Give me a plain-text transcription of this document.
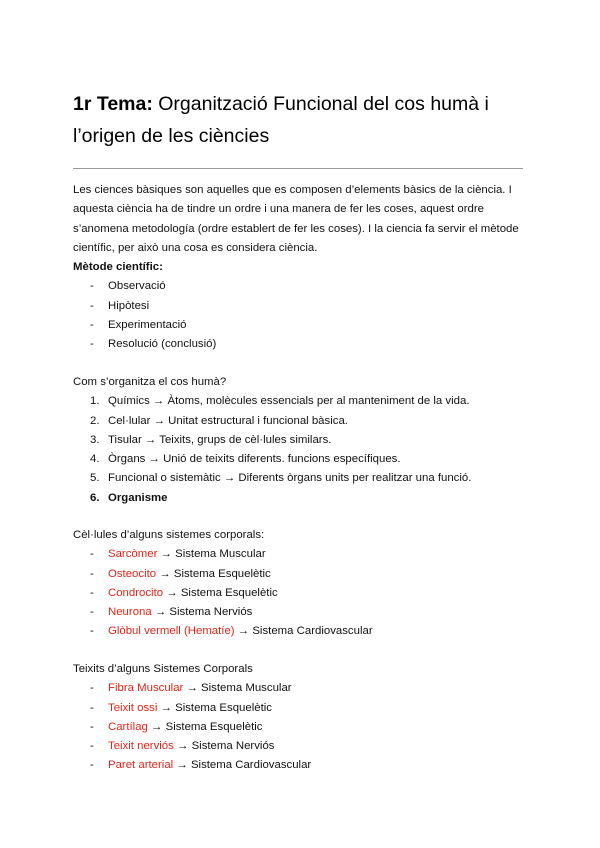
1r Tema: Organització Funcional del cos humà i l’origen de les ciències

Les ciences bàsiques son aquelles que es composen d’elements bàsics de la ciència. I aquesta ciència ha de tindre un ordre i una manera de fer les coses, aquest ordre s’anomena metodología (ordre establert de fer les coses). I la ciencia fa servir el mètode científic, per això una cosa es considera ciència.

Mètode científic:
- Observació
- Hipòtesi
- Experimentació
- Resolució (conclusió)
Com s’organitza el cos humà?
1. Químics → Àtoms, molècules essencials per al manteniment de la vida.
2. Cel·lular → Unitat estructural i funcional bàsica.
3. Tisular → Teixits, grups de cèl·lules similars.
4. Òrgans → Unió de teixits diferents. funcions específiques.
5. Funcional o sistemàtic → Diferents òrgans units per realitzar una funció.
6. Organisme
Cèl·lules d’alguns sistemes corporals:
- Sarcòmer → Sistema Muscular
- Osteocito → Sistema Esquelètic
- Condrocito → Sistema Esquelètic
- Neurona → Sistema Nerviós
- Glòbul vermell (Hematíe) → Sistema Cardiovascular
Teixits d’alguns Sistemes Corporals
- Fibra Muscular → Sistema Muscular
- Teixit ossi → Sistema Esquelètic
- Cartílag → Sistema Esquelètic
- Teixit nerviós → Sistema Nerviós
- Paret arterial → Sistema Cardiovascular
